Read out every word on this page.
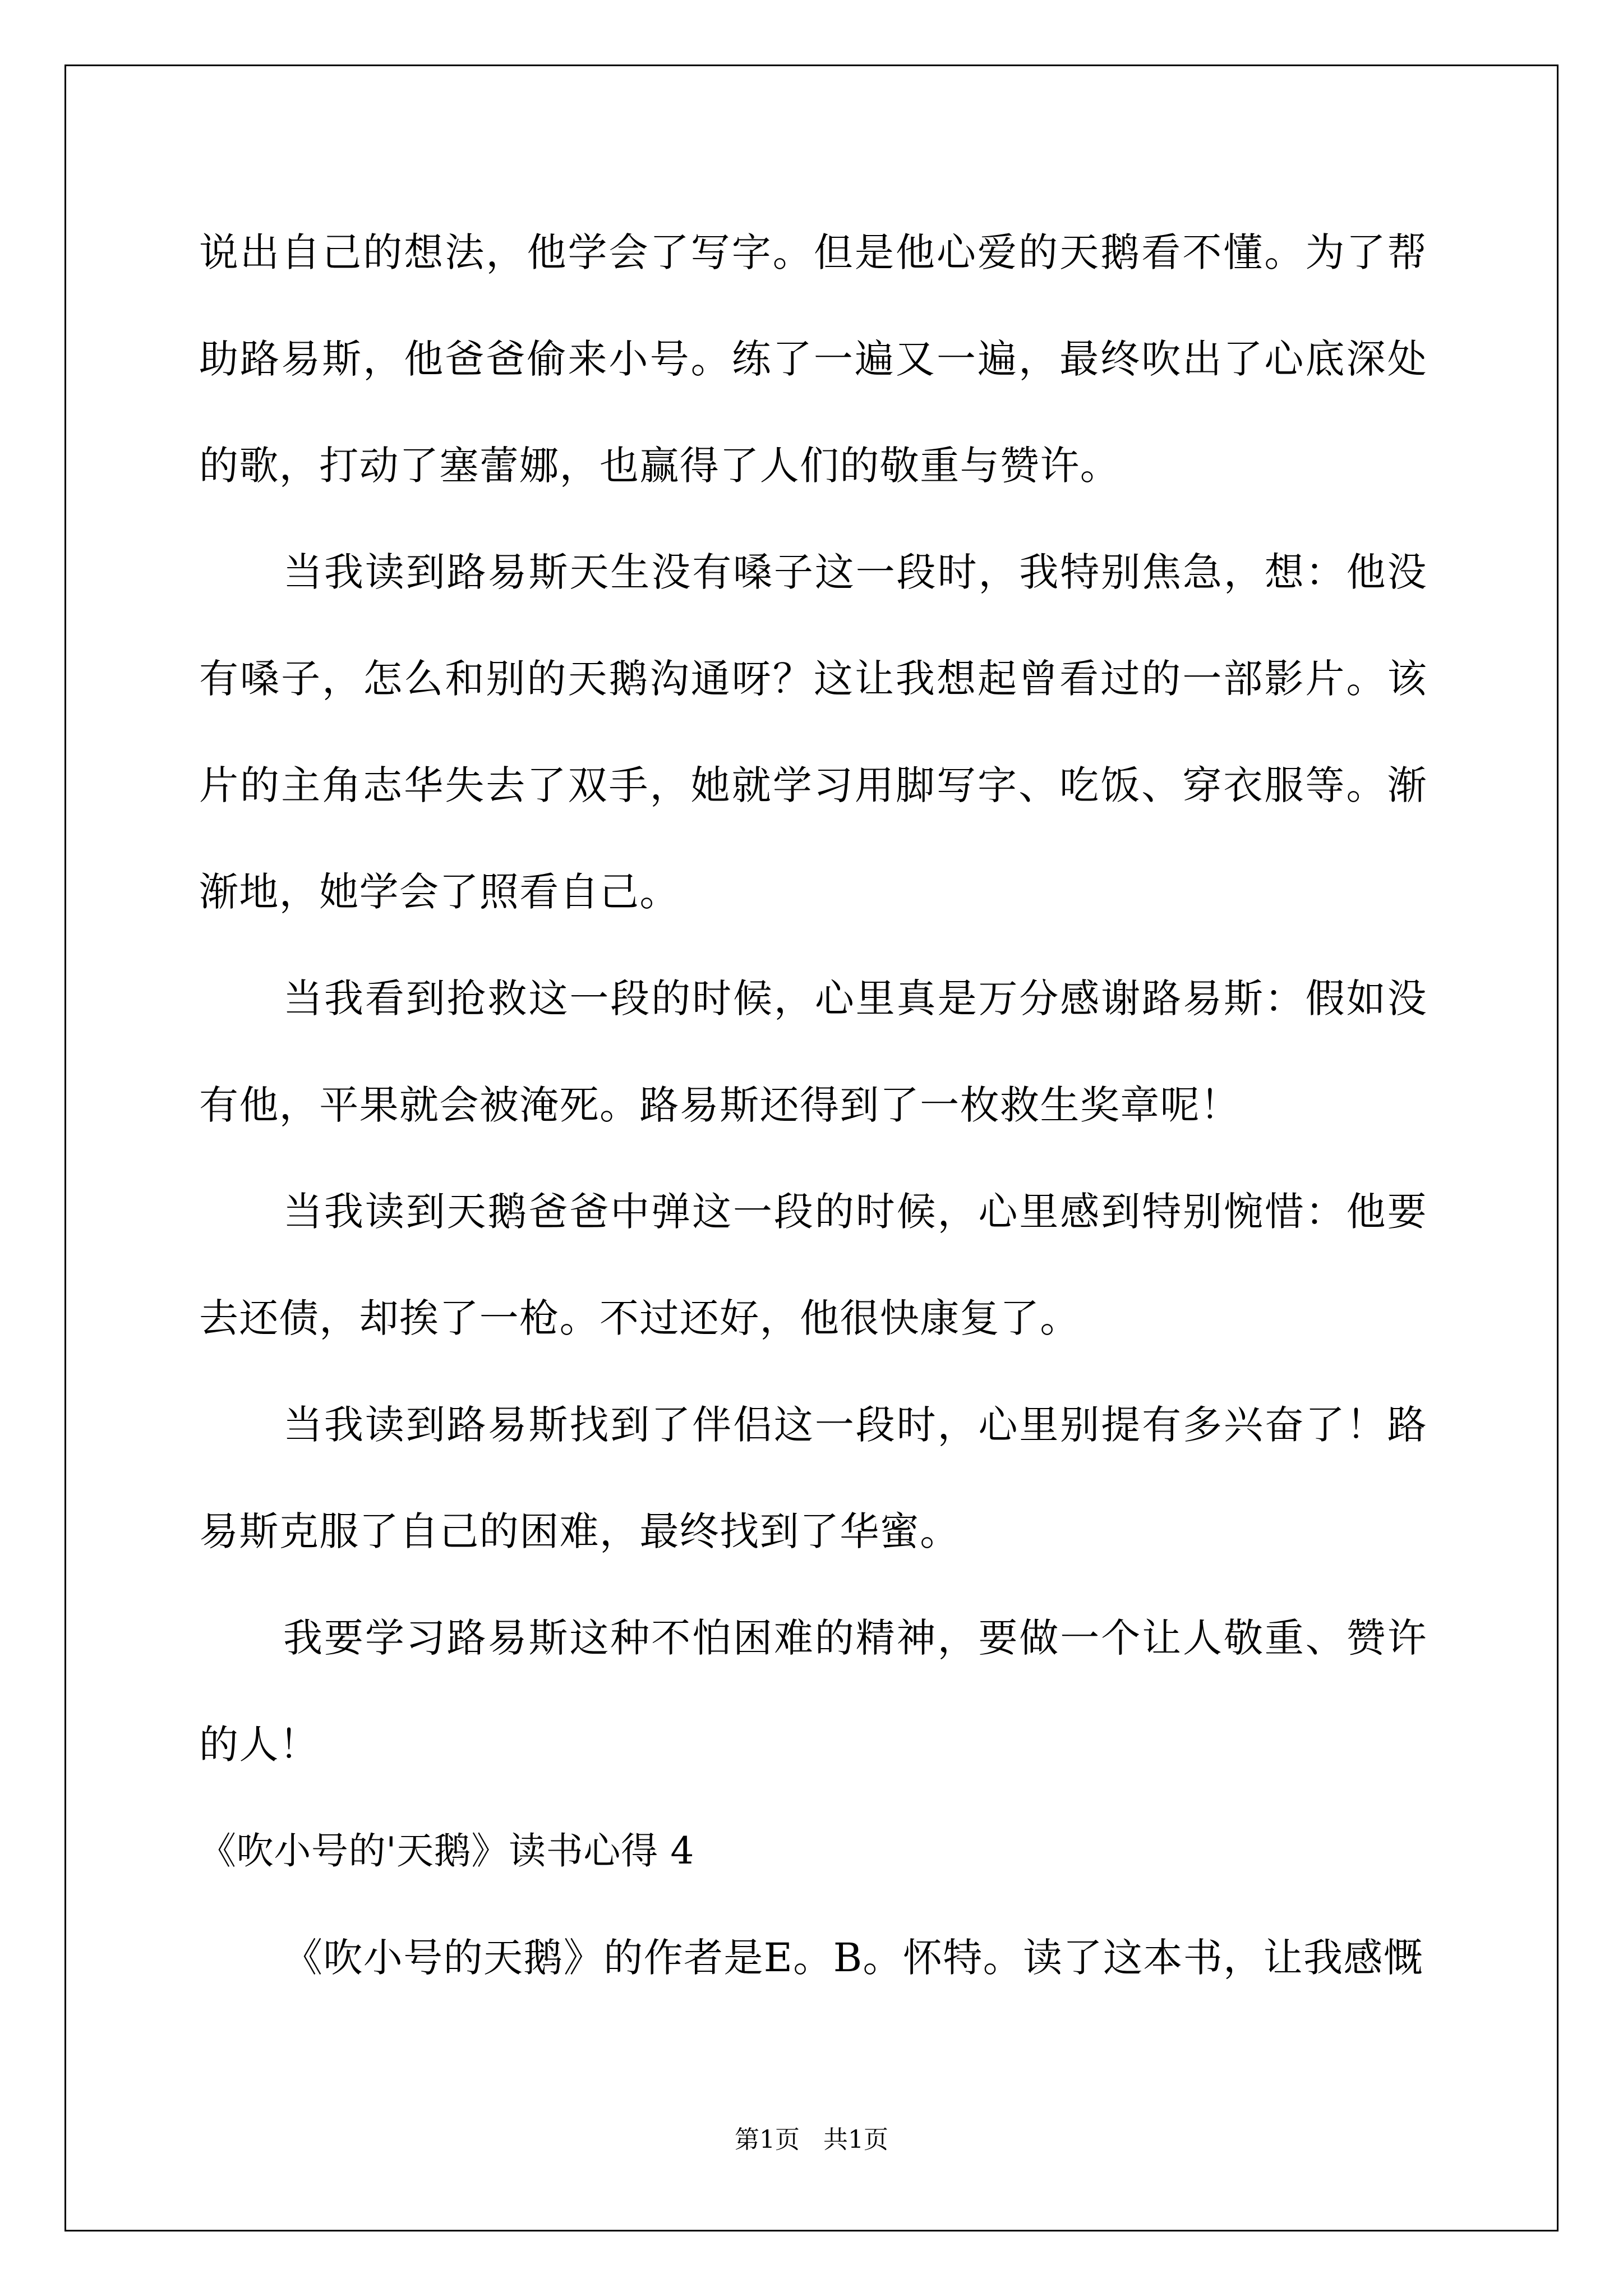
说出自己的想法，他学会了写字。但是他心爱的天鹅看不懂。为了帮助路易斯，他爸爸偷来小号。练了一遍又一遍，最终吹出了心底深处的歌，打动了塞蕾娜，也赢得了人们的敬重与赞许。

当我读到路易斯天生没有嗓子这一段时，我特别焦急，想：他没有嗓子，怎么和别的天鹅沟通呀？这让我想起曾看过的一部影片。该片的主角志华失去了双手，她就学习用脚写字、吃饭、穿衣服等。渐渐地，她学会了照看自己。

当我看到抢救这一段的时候，心里真是万分感谢路易斯：假如没有他，平果就会被淹死。路易斯还得到了一枚救生奖章呢！

当我读到天鹅爸爸中弹这一段的时候，心里感到特别惋惜：他要去还债，却挨了一枪。不过还好，他很快康复了。

当我读到路易斯找到了伴侣这一段时，心里别提有多兴奋了！路易斯克服了自己的困难，最终找到了华蜜。

我要学习路易斯这种不怕困难的精神，要做一个让人敬重、赞许的人！

《吹小号的'天鹅》读书心得 4

《吹小号的天鹅》的作者是E。B。怀特。读了这本书，让我感慨

第1页 共1页
